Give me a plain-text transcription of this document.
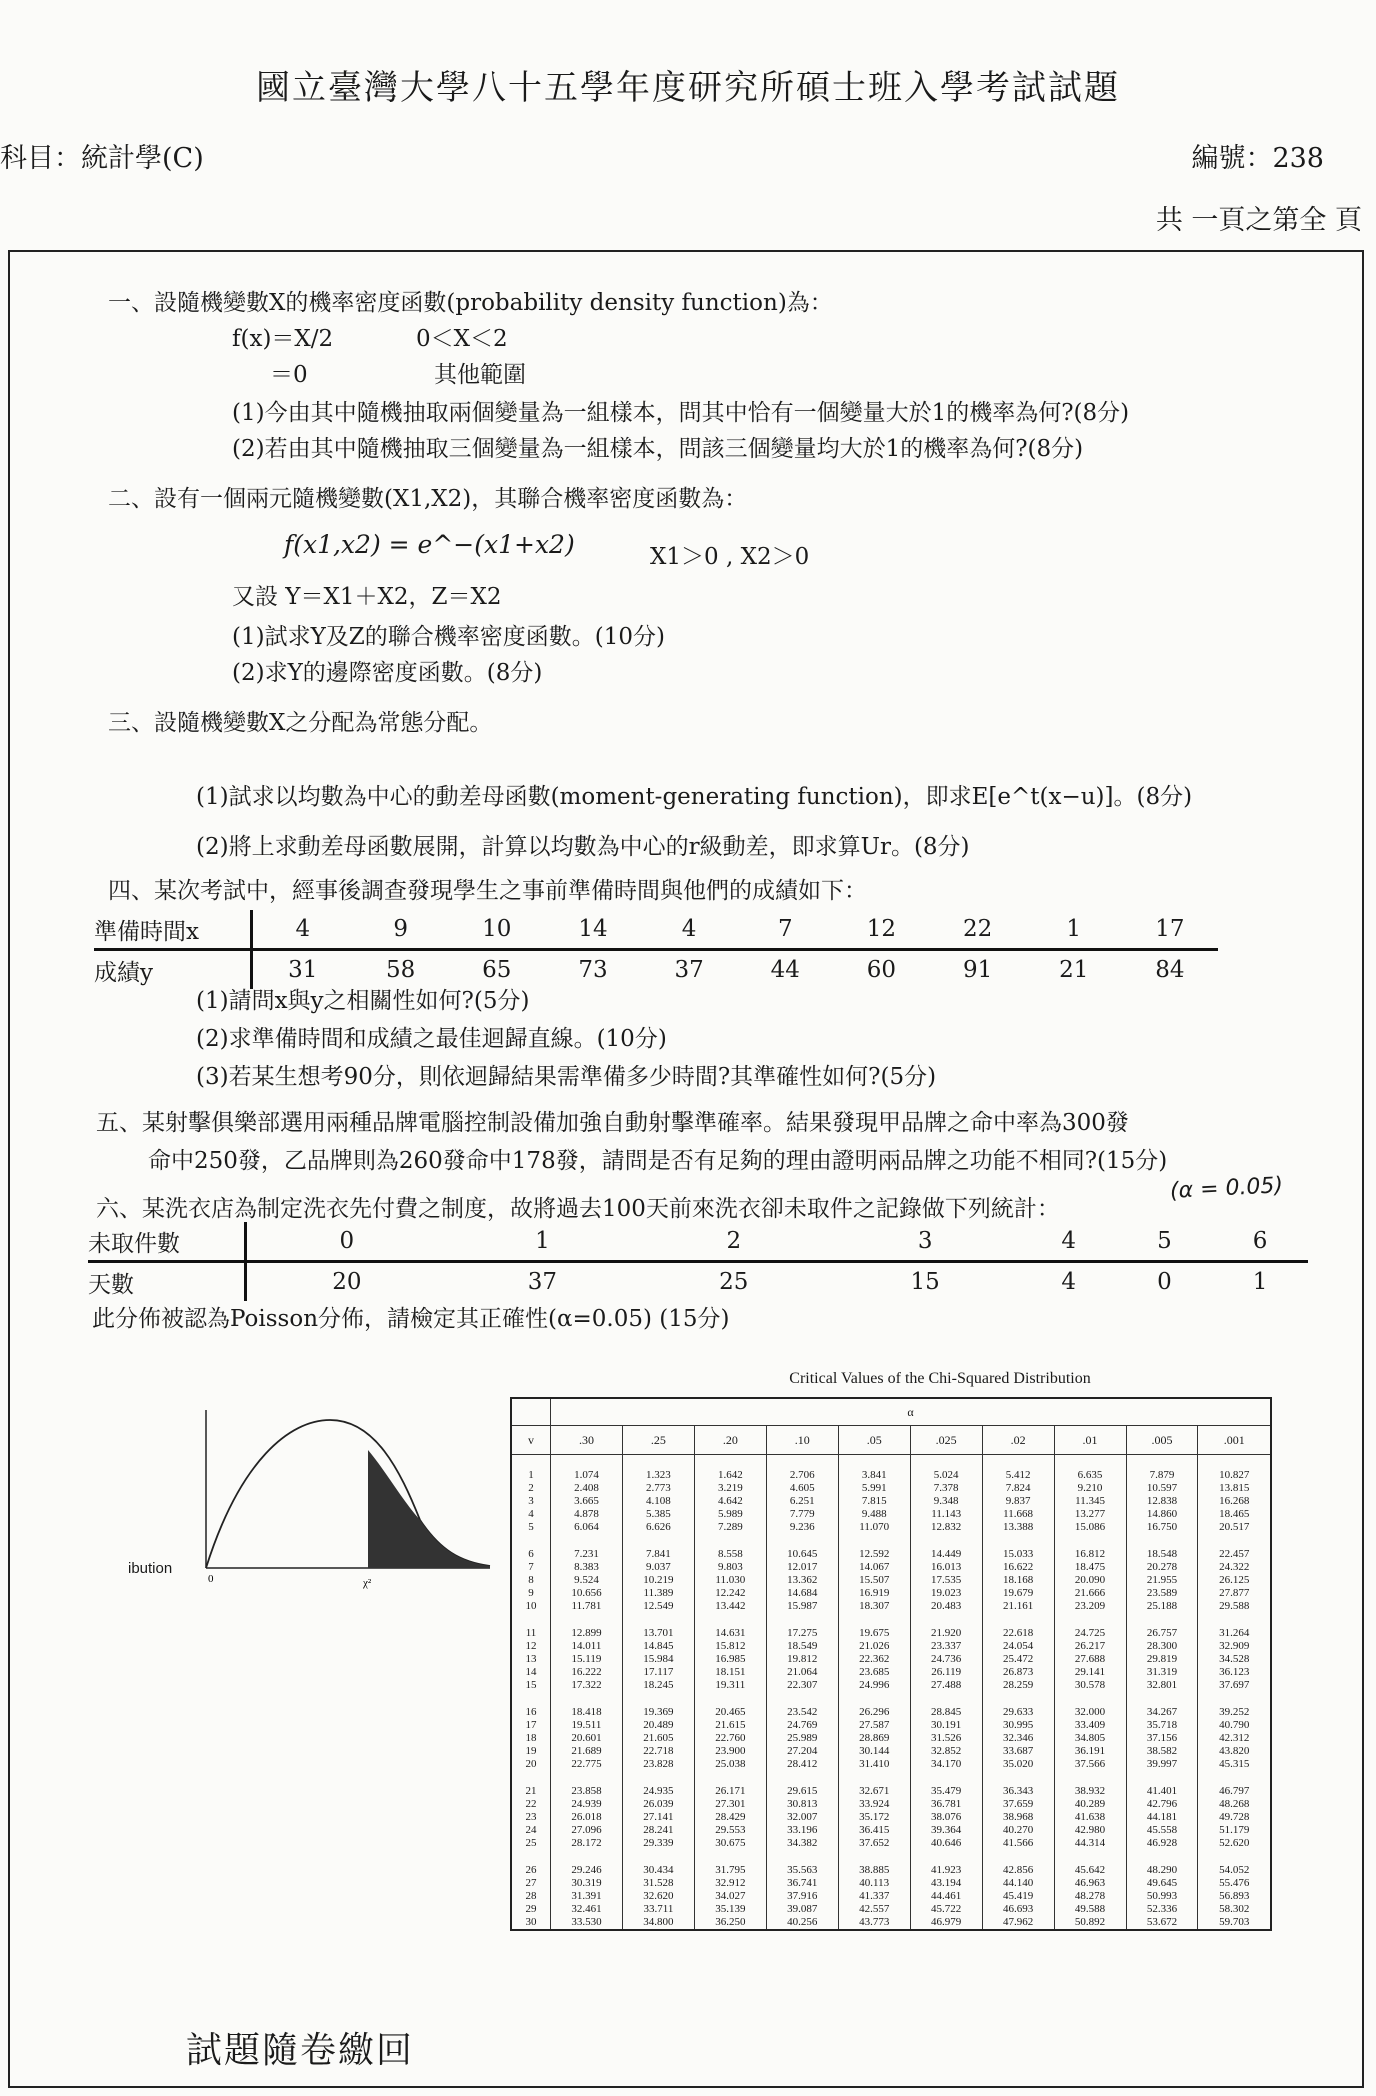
國立臺灣大學八十五學年度研究所碩士班入學考試試題
科目：統計學(C)	編號：238
共 一頁之第全 頁
一、設隨機變數X的機率密度函數(probability density function)為：
f(x)＝X/2	0＜X＜2
＝0	其他範圍
(1)今由其中隨機抽取兩個變量為一組樣本，問其中恰有一個變量大於1的機率為何?(8分)
(2)若由其中隨機抽取三個變量為一組樣本，問該三個變量均大於1的機率為何?(8分)
二、設有一個兩元隨機變數(X1,X2)，其聯合機率密度函數為：
f(x1,x2) = e^−(x1+x2)	X1＞0 , X2＞0
又設 Y＝X1＋X2，Z＝X2
(1)試求Y及Z的聯合機率密度函數。(10分)
(2)求Y的邊際密度函數。(8分)
三、設隨機變數X之分配為常態分配。
(1)試求以均數為中心的動差母函數(moment-generating function)，即求E[e^t(x−u)]。(8分)
(2)將上求動差母函數展開，計算以均數為中心的r級動差，即求算Ur。(8分)
四、某次考試中，經事後調查發現學生之事前準備時間與他們的成績如下：
準備時間x	4	9	10	14	4	7	12	22	1	17
成績y	31	58	65	73	37	44	60	91	21	84
(1)請問x與y之相關性如何?(5分)
(2)求準備時間和成績之最佳迴歸直線。(10分)
(3)若某生想考90分，則依迴歸結果需準備多少時間?其準確性如何?(5分)
五、某射擊俱樂部選用兩種品牌電腦控制設備加強自動射擊準確率。結果發現甲品牌之命中率為300發
命中250發，乙品牌則為260發命中178發，請問是否有足夠的理由證明兩品牌之功能不相同?(15分)
(α = 0.05)
六、某洗衣店為制定洗衣先付費之制度，故將過去100天前來洗衣卻未取件之記錄做下列統計：
未取件數	0	1	2	3	4	5	6
天數	20	37	25	15	4	0	1
此分佈被認為Poisson分佈，請檢定其正確性(α=0.05) (15分)
0	χ²
ibution
Critical Values of the Chi-Squared Distribution
	α									
v	.30	.25	.20	.10	.05	.025	.02	.01	.005	.001
1	1.074	1.323	1.642	2.706	3.841	5.024	5.412	6.635	7.879	10.827
2	2.408	2.773	3.219	4.605	5.991	7.378	7.824	9.210	10.597	13.815
3	3.665	4.108	4.642	6.251	7.815	9.348	9.837	11.345	12.838	16.268
4	4.878	5.385	5.989	7.779	9.488	11.143	11.668	13.277	14.860	18.465
5	6.064	6.626	7.289	9.236	11.070	12.832	13.388	15.086	16.750	20.517
6	7.231	7.841	8.558	10.645	12.592	14.449	15.033	16.812	18.548	22.457
7	8.383	9.037	9.803	12.017	14.067	16.013	16.622	18.475	20.278	24.322
8	9.524	10.219	11.030	13.362	15.507	17.535	18.168	20.090	21.955	26.125
9	10.656	11.389	12.242	14.684	16.919	19.023	19.679	21.666	23.589	27.877
10	11.781	12.549	13.442	15.987	18.307	20.483	21.161	23.209	25.188	29.588
11	12.899	13.701	14.631	17.275	19.675	21.920	22.618	24.725	26.757	31.264
12	14.011	14.845	15.812	18.549	21.026	23.337	24.054	26.217	28.300	32.909
13	15.119	15.984	16.985	19.812	22.362	24.736	25.472	27.688	29.819	34.528
14	16.222	17.117	18.151	21.064	23.685	26.119	26.873	29.141	31.319	36.123
15	17.322	18.245	19.311	22.307	24.996	27.488	28.259	30.578	32.801	37.697
16	18.418	19.369	20.465	23.542	26.296	28.845	29.633	32.000	34.267	39.252
17	19.511	20.489	21.615	24.769	27.587	30.191	30.995	33.409	35.718	40.790
18	20.601	21.605	22.760	25.989	28.869	31.526	32.346	34.805	37.156	42.312
19	21.689	22.718	23.900	27.204	30.144	32.852	33.687	36.191	38.582	43.820
20	22.775	23.828	25.038	28.412	31.410	34.170	35.020	37.566	39.997	45.315
21	23.858	24.935	26.171	29.615	32.671	35.479	36.343	38.932	41.401	46.797
22	24.939	26.039	27.301	30.813	33.924	36.781	37.659	40.289	42.796	48.268
23	26.018	27.141	28.429	32.007	35.172	38.076	38.968	41.638	44.181	49.728
24	27.096	28.241	29.553	33.196	36.415	39.364	40.270	42.980	45.558	51.179
25	28.172	29.339	30.675	34.382	37.652	40.646	41.566	44.314	46.928	52.620
26	29.246	30.434	31.795	35.563	38.885	41.923	42.856	45.642	48.290	54.052
27	30.319	31.528	32.912	36.741	40.113	43.194	44.140	46.963	49.645	55.476
28	31.391	32.620	34.027	37.916	41.337	44.461	45.419	48.278	50.993	56.893
29	32.461	33.711	35.139	39.087	42.557	45.722	46.693	49.588	52.336	58.302
30	33.530	34.800	36.250	40.256	43.773	46.979	47.962	50.892	53.672	59.703
試題隨卷繳回
